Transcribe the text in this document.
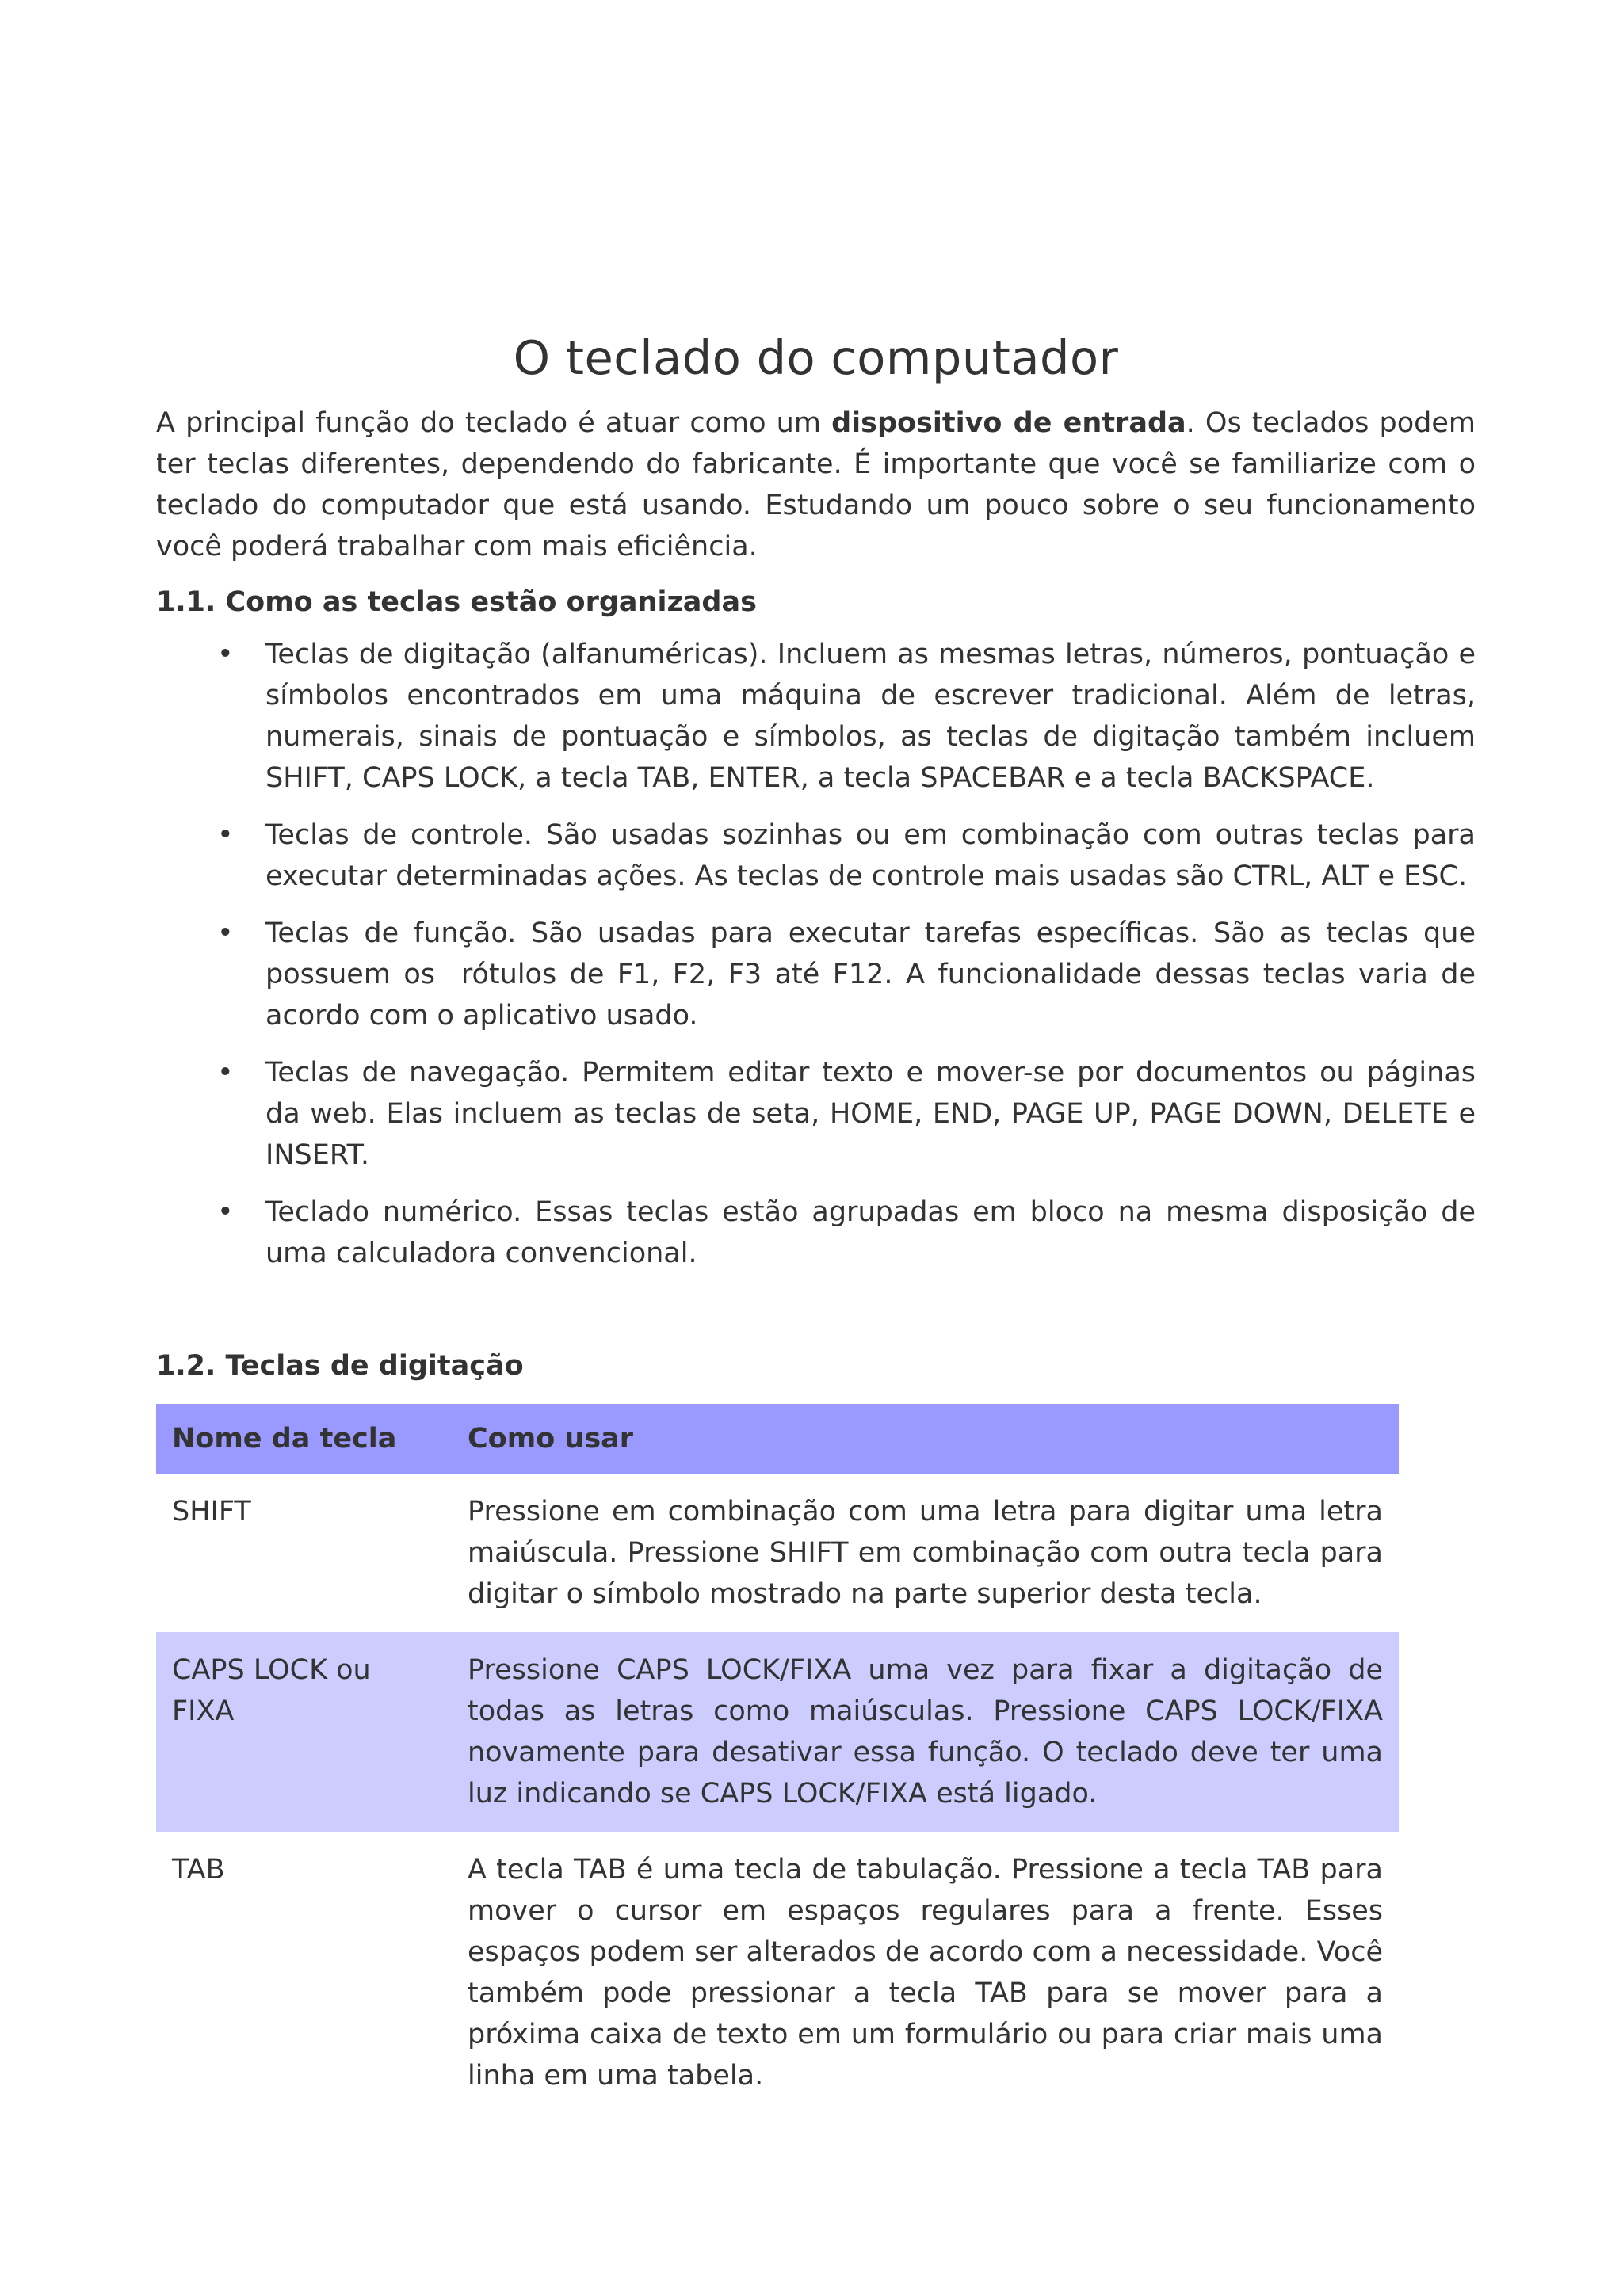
O teclado do computador

A principal função do teclado é atuar como um dispositivo de entrada. Os teclados podem ter teclas diferentes, dependendo do fabricante. É importante que você se familiarize com o teclado do computador que está usando. Estudando um pouco sobre o seu funcionamento você poderá trabalhar com mais eficiência.

1.1. Como as teclas estão organizadas
• Teclas de digitação (alfanuméricas). Incluem as mesmas letras, números, pontuação e símbolos encontrados em uma máquina de escrever tradicional. Além de letras, numerais, sinais de pontuação e símbolos, as teclas de digitação também incluem SHIFT, CAPS LOCK, a tecla TAB, ENTER, a tecla SPACEBAR e a tecla BACKSPACE.
• Teclas de controle. São usadas sozinhas ou em combinação com outras teclas para executar determinadas ações. As teclas de controle mais usadas são CTRL, ALT e ESC.
• Teclas de função. São usadas para executar tarefas específicas. São as teclas que possuem os  rótulos de F1, F2, F3 até F12. A funcionalidade dessas teclas varia de acordo com o aplicativo usado.
• Teclas de navegação. Permitem editar texto e mover-se por documentos ou páginas da web. Elas incluem as teclas de seta, HOME, END, PAGE UP, PAGE DOWN, DELETE e INSERT.
• Teclado numérico. Essas teclas estão agrupadas em bloco na mesma disposição de uma calculadora convencional.
1.2. Teclas de digitação
Nome da tecla	Como usar
SHIFT	Pressione em combinação com uma letra para digitar uma letra maiúscula. Pressione SHIFT em combinação com outra tecla para digitar o símbolo mostrado na parte superior desta tecla.
CAPS LOCK ou FIXA	Pressione CAPS LOCK/FIXA uma vez para fixar a digitação de todas as letras como maiúsculas. Pressione CAPS LOCK/FIXA novamente para desativar essa função. O teclado deve ter uma luz indicando se CAPS LOCK/FIXA está ligado.
TAB	A tecla TAB é uma tecla de tabulação. Pressione a tecla TAB para mover o cursor em espaços regulares para a frente. Esses espaços podem ser alterados de acordo com a necessidade. Você também pode pressionar a tecla TAB para se mover para a próxima caixa de texto em um formulário ou para criar mais uma linha em uma tabela.
